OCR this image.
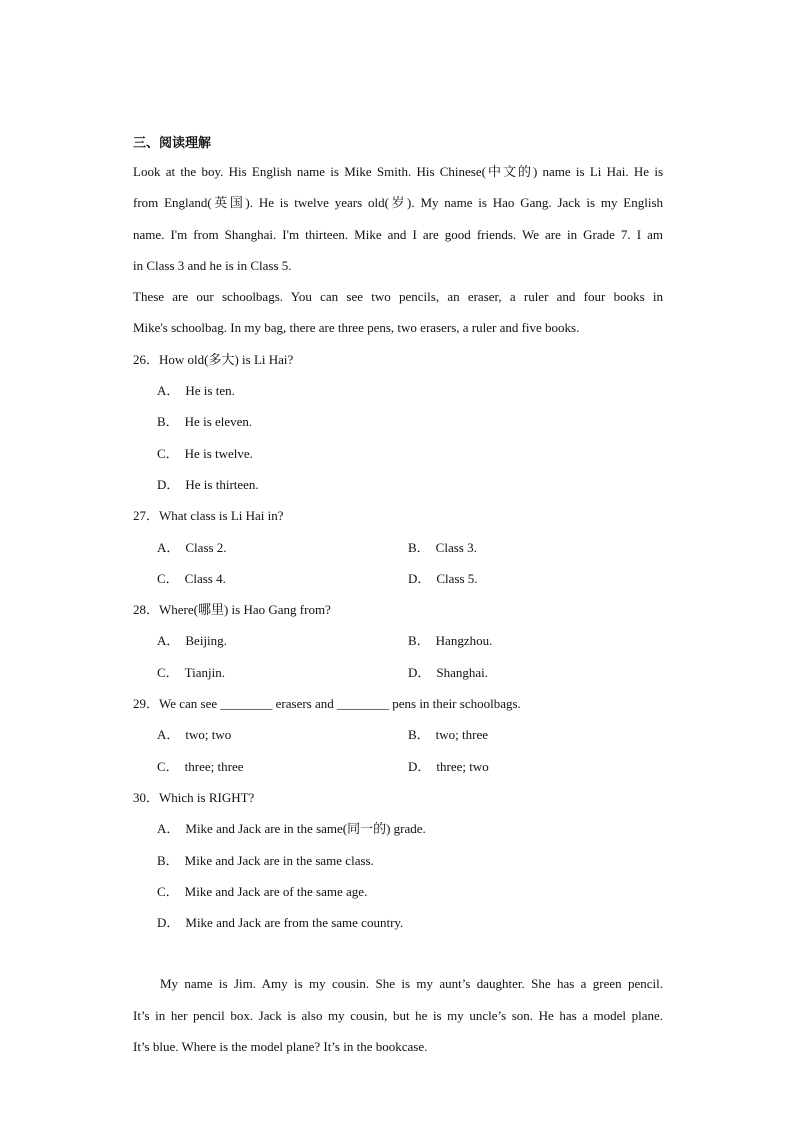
三、阅读理解
Look at the boy. His English name is Mike Smith. His Chinese(中文的) name is Li Hai. He is
from England(英国). He is twelve years old(岁). My name is Hao Gang. Jack is my English
name. I'm from Shanghai. I'm thirteen. Mike and I are good friends. We are in Grade 7. I am
in Class 3 and he is in Class 5.
These are our schoolbags. You can see two pencils, an eraser, a ruler and four books in
Mike's schoolbag. In my bag, there are three pens, two erasers, a ruler and five books.
26．How old(多大) is Li Hai?
A． He is ten.
B． He is eleven.
C． He is twelve.
D． He is thirteen.
27．What class is Li Hai in?
A． Class 2.	B． Class 3.
C． Class 4.	D． Class 5.
28．Where(哪里) is Hao Gang from?
A． Beijing.	B． Hangzhou.
C． Tianjin.	D． Shanghai.
29．We can see ________ erasers and ________ pens in their schoolbags.
A． two; two	B． two; three
C． three; three	D． three; two
30．Which is RIGHT?
A． Mike and Jack are in the same(同一的) grade.
B． Mike and Jack are in the same class.
C． Mike and Jack are of the same age.
D． Mike and Jack are from the same country.
My name is Jim. Amy is my cousin. She is my aunt’s daughter. She has a green pencil.
It’s in her pencil box. Jack is also my cousin, but he is my uncle’s son. He has a model plane.
It’s blue. Where is the model plane? It’s in the bookcase.
